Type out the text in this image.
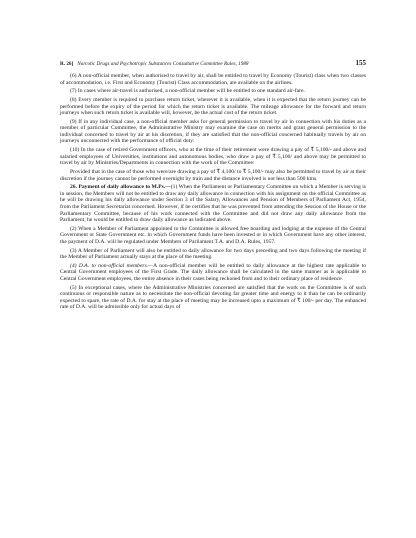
R. 26] Narcotic Drugs and Psychotropic Substances Consultative Committee Rules, 1988	155

(6) A non-official member, when authorised to travel by air, shall be entitled to travel by Economy (Tourist) class when two classes of accommodation, i.e. First and Economy (Tourist) Class accommodation, are available on the airlines.

(7) In cases where air-travel is authorised, a non-official member will be entitled to one standard air-fare.

(8) Every member is required to purchase return ticket, wherever it is available, when it is expected that the return journey can be performed before the expiry of the period for which the return ticket is available. The mileage allowance for the forward and return journeys when such return ticket is available will, however, be the actual cost of the return ticket.

(9) If in any individual case, a non-official member asks for general permission to travel by air in connection with his duties as a member of particular Committee, the Administrative Ministry may examine the case on merits and grant general permission to the individual concerned to travel by air at his discretion, if they are satisfied that the non-official concerned habitually travels by air on journeys unconnected with the performance of official duty:

(10) In the case of retired Government officers, who at the time of their retirement were drawing a pay of ₹ 5,100/- and above and salaried employees of Universities, institutions and autonomous bodies, who draw a pay of ₹ 5,100/ and above may be permitted to travel by air by Ministries/Departments in connection with the work of the Committee:

Provided that in the case of those who were/are drawing a pay of ₹ 4,100/ to ₹ 5,100/- may also be permitted to travel by air at their discretion if the journey cannot be performed overnight by train and the distance involved is not less than 500 kms.

26. Payment of daily allowance to M.Ps.—(1) When the Parliament or Parliamentary Committee on which a Member is serving is in session, the Members will not be entitled to draw any daily allowance in connection with his assignment on the official Committee as he will be drawing his daily allowance under Section 3 of the Salary, Allowances and Pension of Members of Parliament Act, 1954, from the Parliament Secretariat concerned. However, if he certifies that he was prevented from attending the Session of the House or the Parliamentary Committee, because of his work connected with the Committee and did not draw any daily allowance from the Parliament, he would be entitled to draw daily allowance as indicated above.

(2) When a Member of Parliament appointed to the Committee is allowed free boarding and lodging at the expense of the Central Government or State Government etc. in which Government funds have been invested or in which Government have any other interest, the payment of D.A. will be regulated under Members of Parliament T.A. and D.A. Rules, 1957.

(3) A Member of Parliament will also be entitled to daily allowance for two days preceding and two days following the meeting if the Member of Parliament actually stays at the place of the meeting.

(4) D.A. to non-official members.—A non-official member will be entitled to daily allowance at the highest rate applicable to Central Government employees of the First Grade. The daily allowance shall be calculated in the same manner as is applicable to Central Government employees, the entire absence in their cases being reckoned from and to their ordinary place of residence.

(5) In exceptional cases, where the Administrative Ministries concerned are satisfied that the work on the Committee is of such continuous or responsible nature as to necessitate the non-official devoting far greater time and energy to it than he can be ordinarily expected to spare, the rate of D.A. for stay at the place of meeting may be increased upto a maximum of ₹ 100/- per day. The enhanced rate of D.A. will be admissible only for actual days of
